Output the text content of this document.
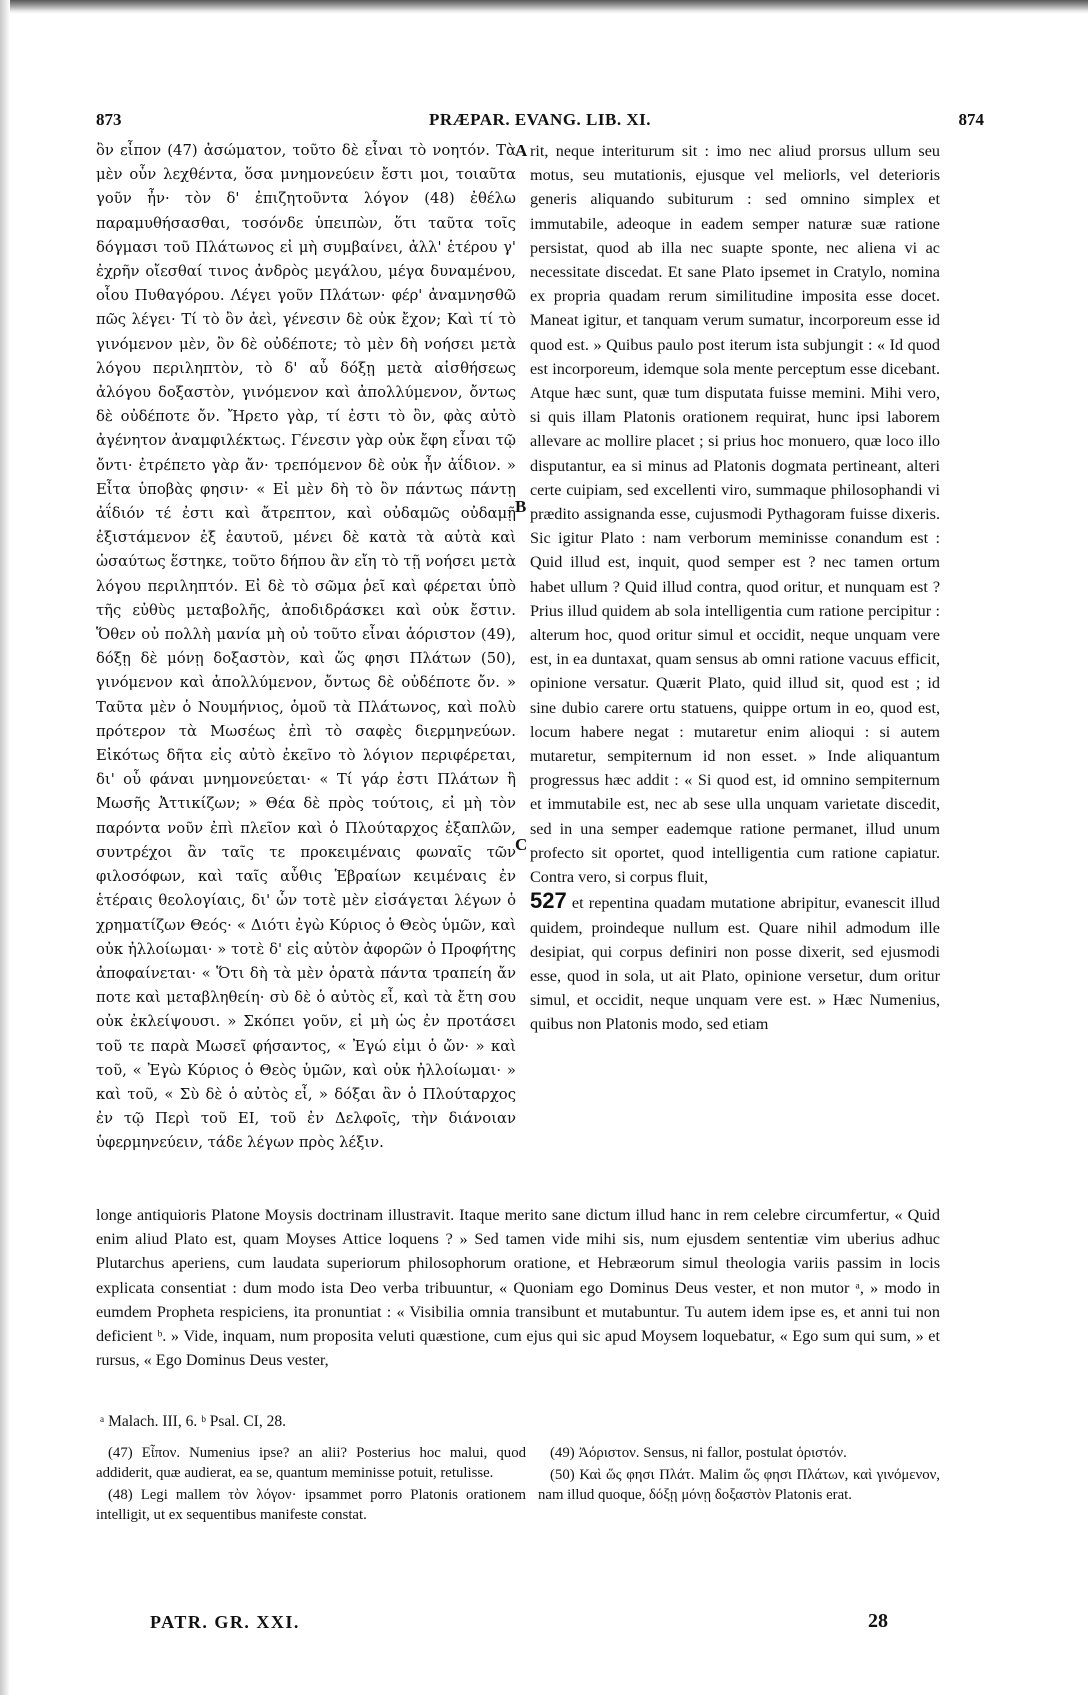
873	PRÆPAR. EVANG. LIB. XI.	874

ὃν εἶπον (47) ἀσώματον, τοῦτο δὲ εἶναι τὸ νοητόν. Τὰ μὲν οὖν λεχθέντα, ὅσα μνημονεύειν ἔστι μοι, τοιαῦτα γοῦν ἦν· τὸν δ' ἐπιζητοῦντα λόγον (48) ἐθέλω παραμυθήσασθαι, τοσόνδε ὑπειπὼν, ὅτι ταῦτα τοῖς δόγμασι τοῦ Πλάτωνος εἰ μὴ συμβαίνει, ἀλλ' ἑτέρου γ' ἐχρῆν οἴεσθαί τινος ἀνδρὸς μεγάλου, μέγα δυναμένου, οἷου Πυθαγόρου. Λέγει γοῦν Πλάτων· φέρ' ἀναμνησθῶ πῶς λέγει· Τί τὸ ὂν ἀεὶ, γένεσιν δὲ οὐκ ἔχον; Καὶ τί τὸ γινόμενον μὲν, ὂν δὲ οὐδέποτε; τὸ μὲν δὴ νοήσει μετὰ λόγου περιληπτὸν, τὸ δ' αὖ δόξῃ μετὰ αἰσθήσεως ἀλόγου δοξαστὸν, γινόμενον καὶ ἀπολλύμενον, ὄντως δὲ οὐδέποτε ὄν. Ἤρετο γὰρ, τί ἐστι τὸ ὂν, φὰς αὐτὸ ἀγένητον ἀναμφιλέκτως. Γένεσιν γὰρ οὐκ ἔφη εἶναι τῷ ὄντι· ἐτρέπετο γὰρ ἄν· τρεπόμενον δὲ οὐκ ἦν ἀΐδιον. » Εἶτα ὑποβὰς φησιν· « Εἰ μὲν δὴ τὸ ὂν πάντως πάντῃ ἀΐδιόν τέ ἐστι καὶ ἄτρεπτον, καὶ οὐδαμῶς οὐδαμῇ ἐξιστάμενον ἐξ ἑαυτοῦ, μένει δὲ κατὰ τὰ αὐτὰ καὶ ὡσαύτως ἕστηκε, τοῦτο δήπου ἂν εἴη τὸ τῇ νοήσει μετὰ λόγου περιληπτόν. Εἰ δὲ τὸ σῶμα ῥεῖ καὶ φέρεται ὑπὸ τῆς εὐθὺς μεταβολῆς, ἀποδιδράσκει καὶ οὐκ ἔστιν. Ὅθεν οὐ πολλὴ μανία μὴ οὐ τοῦτο εἶναι ἀόριστον (49), δόξῃ δὲ μόνῃ δοξαστὸν, καὶ ὥς φησι Πλάτων (50), γινόμενον καὶ ἀπολλύμενον, ὄντως δὲ οὐδέποτε ὄν. » Ταῦτα μὲν ὁ Νουμήνιος, ὁμοῦ τὰ Πλάτωνος, καὶ πολὺ πρότερον τὰ Μωσέως ἐπὶ τὸ σαφὲς διερμηνεύων. Εἰκότως δῆτα εἰς αὐτὸ ἐκεῖνο τὸ λόγιον περιφέρεται, δι' οὗ φάναι μνημονεύεται· « Τί γάρ ἐστι Πλάτων ἢ Μωσῆς Ἀττικίζων; » Θέα δὲ πρὸς τούτοις, εἰ μὴ τὸν παρόντα νοῦν ἐπὶ πλεῖον καὶ ὁ Πλούταρχος ἐξαπλῶν, συντρέχοι ἂν ταῖς τε προκειμέναις φωναῖς τῶν φιλοσόφων, καὶ ταῖς αὖθις Ἑβραίων κειμέναις ἐν ἑτέραις θεολογίαις, δι' ὧν τοτὲ μὲν εἰσάγεται λέγων ὁ χρηματίζων Θεός· « Διότι ἐγὼ Κύριος ὁ Θεὸς ὑμῶν, καὶ οὐκ ἠλλοίωμαι· » τοτὲ δ' εἰς αὐτὸν ἀφορῶν ὁ Προφήτης ἀποφαίνεται· « Ὅτι δὴ τὰ μὲν ὁρατὰ πάντα τραπείη ἄν ποτε καὶ μεταβληθείη· σὺ δὲ ὁ αὐτὸς εἶ, καὶ τὰ ἔτη σου οὐκ ἐκλείψουσι. » Σκόπει γοῦν, εἰ μὴ ὡς ἐν προτάσει τοῦ τε παρὰ Μωσεῖ φήσαντος, « Ἐγώ εἰμι ὁ ὤν· » καὶ τοῦ, « Ἐγὼ Κύριος ὁ Θεὸς ὑμῶν, καὶ οὐκ ἠλλοίωμαι· » καὶ τοῦ, « Σὺ δὲ ὁ αὐτὸς εἶ, » δόξαι ἂν ὁ Πλούταρχος ἐν τῷ Περὶ τοῦ ΕΙ, τοῦ ἐν Δελφοῖς, τὴν διάνοιαν ὑφερμηνεύειν, τάδε λέγων πρὸς λέξιν.

A
B
C

rit, neque interiturum sit : imo nec aliud prorsus ullum seu motus, seu mutationis, ejusque vel meliorls, vel deterioris generis aliquando subiturum : sed omnino simplex et immutabile, adeoque in eadem semper naturæ suæ ratione persistat, quod ab illa nec suapte sponte, nec aliena vi ac necessitate discedat. Et sane Plato ipsemet in Cratylo, nomina ex propria quadam rerum similitudine imposita esse docet. Maneat igitur, et tanquam verum sumatur, incorporeum esse id quod est. » Quibus paulo post iterum ista subjungit : « Id quod est incorporeum, idemque sola mente perceptum esse dicebant. Atque hæc sunt, quæ tum disputata fuisse memini. Mihi vero, si quis illam Platonis orationem requirat, hunc ipsi laborem allevare ac mollire placet ; si prius hoc monuero, quæ loco illo disputantur, ea si minus ad Platonis dogmata pertineant, alteri certe cuipiam, sed excellenti viro, summaque philosophandi vi prædito assignanda esse, cujusmodi Pythagoram fuisse dixeris. Sic igitur Plato : nam verborum meminisse conandum est : Quid illud est, inquit, quod semper est ? nec tamen ortum habet ullum ? Quid illud contra, quod oritur, et nunquam est ? Prius illud quidem ab sola intelligentia cum ratione percipitur : alterum hoc, quod oritur simul et occidit, neque unquam vere est, in ea duntaxat, quam sensus ab omni ratione vacuus efficit, opinione versatur. Quærit Plato, quid illud sit, quod est ; id sine dubio carere ortu statuens, quippe ortum in eo, quod est, locum habere negat : mutaretur enim alioqui : si autem mutaretur, sempiternum id non esset. » Inde aliquantum progressus hæc addit : « Si quod est, id omnino sempiternum et immutabile est, nec ab sese ulla unquam varietate discedit, sed in una semper eademque ratione permanet, illud unum profecto sit oportet, quod intelligentia cum ratione capiatur. Contra vero, si corpus fluit,

527 et repentina quadam mutatione abripitur, evanescit illud quidem, proindeque nullum est. Quare nihil admodum ille desipiat, qui corpus definiri non posse dixerit, sed ejusmodi esse, quod in sola, ut ait Plato, opinione versetur, dum oritur simul, et occidit, neque unquam vere est. » Hæc Numenius, quibus non Platonis modo, sed etiam

longe antiquioris Platone Moysis doctrinam illustravit. Itaque merito sane dictum illud hanc in rem celebre circumfertur, « Quid enim aliud Plato est, quam Moyses Attice loquens ? » Sed tamen vide mihi sis, num ejusdem sententiæ vim uberius adhuc Plutarchus aperiens, cum laudata superiorum philosophorum oratione, et Hebræorum simul theologia variis passim in locis explicata consentiat : dum modo ista Deo verba tribuuntur, « Quoniam ego Dominus Deus vester, et non mutor ᵃ, » modo in eumdem Propheta respiciens, ita pronuntiat : « Visibilia omnia transibunt et mutabuntur. Tu autem idem ipse es, et anni tui non deficient ᵇ. » Vide, inquam, num proposita veluti quæstione, cum ejus qui sic apud Moysem loquebatur, « Ego sum qui sum, » et rursus, « Ego Dominus Deus vester,

ᵃ Malach. III, 6. ᵇ Psal. CI, 28.

(47) Εἶπον. Numenius ipse? an alii? Posterius hoc malui, quod addiderit, quæ audierat, ea se, quantum meminisse potuit, retulisse.

(48) Legi mallem τὸν λόγον· ipsammet porro Platonis orationem intelligit, ut ex sequentibus manifeste constat.

(49) Ἀόριστον. Sensus, ni fallor, postulat ὁριστόν.

(50) Καὶ ὥς φησι Πλάτ. Malim ὥς φησι Πλάτων, καὶ γινόμενον, nam illud quoque, δόξῃ μόνῃ δοξαστὸν Platonis erat.

PATR. GR. XXI.	28
